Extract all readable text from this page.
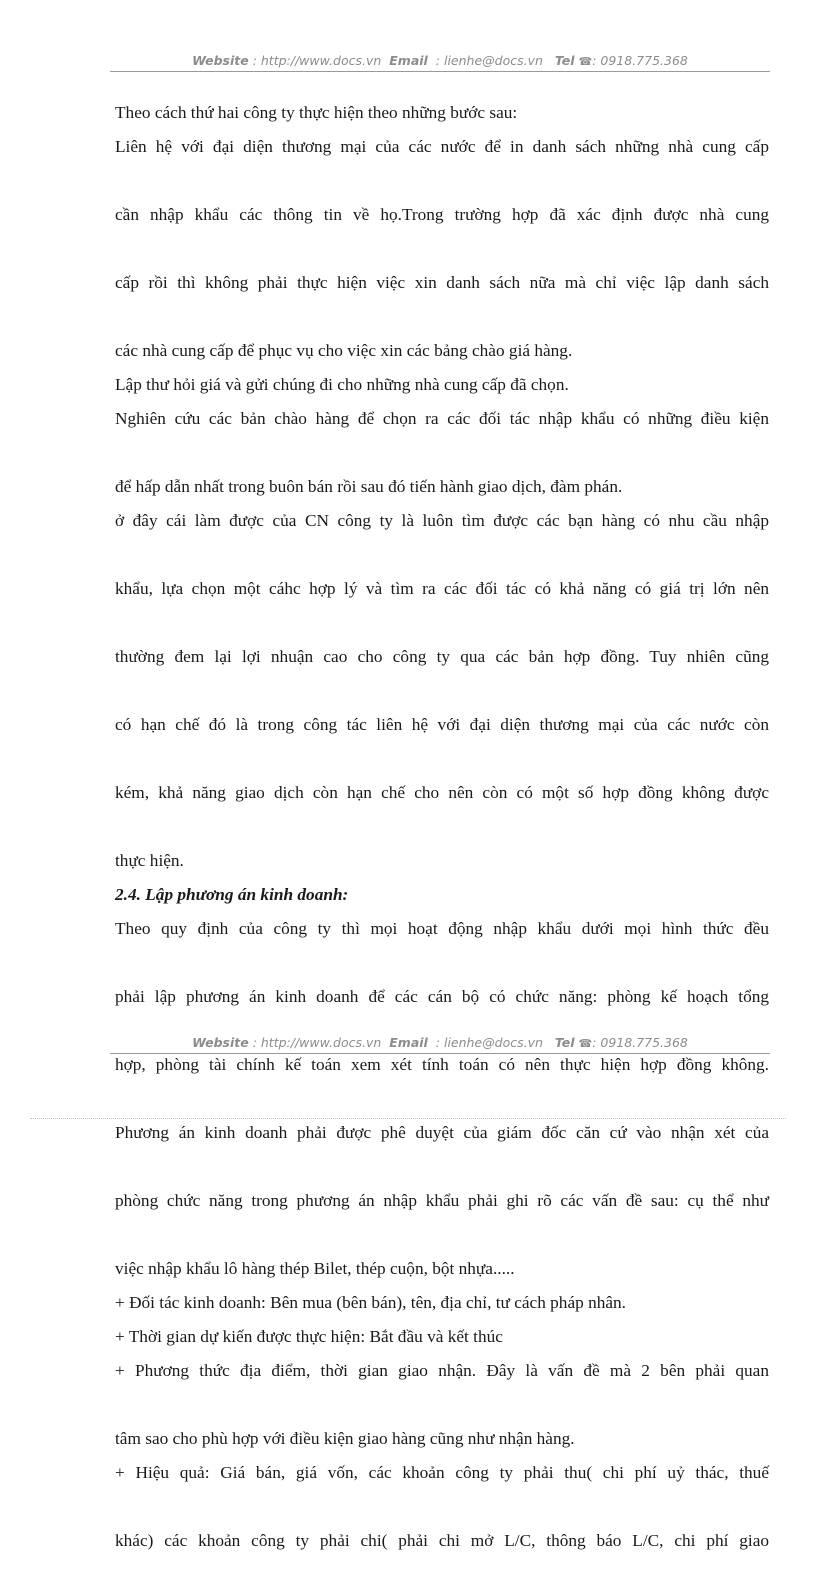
Website : http://www.docs.vn Email : lienhe@docs.vn Tel ☎: 0918.775.368

Theo cách thứ hai công ty thực hiện theo những bước sau:

Liên hệ với đại diện thương mại của các nước để in danh sách những nhà cung cấp

cần nhập khẩu các thông tin về họ.Trong trường hợp đã xác định được nhà cung

cấp rồi thì không phải thực hiện việc xin danh sách nữa mà chỉ việc lập danh sách

các nhà cung cấp để phục vụ cho việc xin các bảng chào giá hàng.

Lập thư hỏi giá và gửi chúng đi cho những nhà cung cấp đã chọn.

Nghiên cứu các bản chào hàng để chọn ra các đối tác nhập khẩu có những điều kiện

để hấp dẫn nhất trong buôn bán rồi sau đó tiến hành giao dịch, đàm phán.

ở đây cái làm được của CN công ty là luôn tìm được các bạn hàng có nhu cầu nhập

khẩu, lựa chọn một cáhc hợp lý và tìm ra các đối tác có khả năng có giá trị lớn nên

thường đem lại lợi nhuận cao cho công ty qua các bản hợp đồng. Tuy nhiên cũng

có hạn chế đó là trong công tác liên hệ với đại diện thương mại của các nước còn

kém, khả năng giao dịch còn hạn chế cho nên còn có một số hợp đồng không được

thực hiện.

2.4. Lập phương án kinh doanh:

Theo quy định của công ty thì mọi hoạt động nhập khẩu dưới mọi hình thức đều

phải lập phương án kinh doanh để các cán bộ có chức năng: phòng kế hoạch tổng

hợp, phòng tài chính kế toán xem xét tính toán có nên thực hiện hợp đồng không.

Phương án kinh doanh phải được phê duyệt của giám đốc căn cứ vào nhận xét của

phòng chức năng trong phương án nhập khẩu phải ghi rõ các vấn đề sau: cụ thể như

việc nhập khẩu lô hàng thép Bilet, thép cuộn, bột nhựa.....

+ Đối tác kinh doanh: Bên mua (bên bán), tên, địa chỉ, tư cách pháp nhân.

+ Thời gian dự kiến được thực hiện: Bắt đầu và kết thúc

+ Phương thức địa điểm, thời gian giao nhận. Đây là vấn đề mà 2 bên phải quan

tâm sao cho phù hợp với điều kiện giao hàng cũng như nhận hàng.

+ Hiệu quả: Giá bán, giá vốn, các khoản công ty phải thu( chi phí uỷ thác, thuế

khác) các khoản công ty phải chi( phải chi mở L/C, thông báo L/C, chi phí giao

Website : http://www.docs.vn Email : lienhe@docs.vn Tel ☎: 0918.775.368
